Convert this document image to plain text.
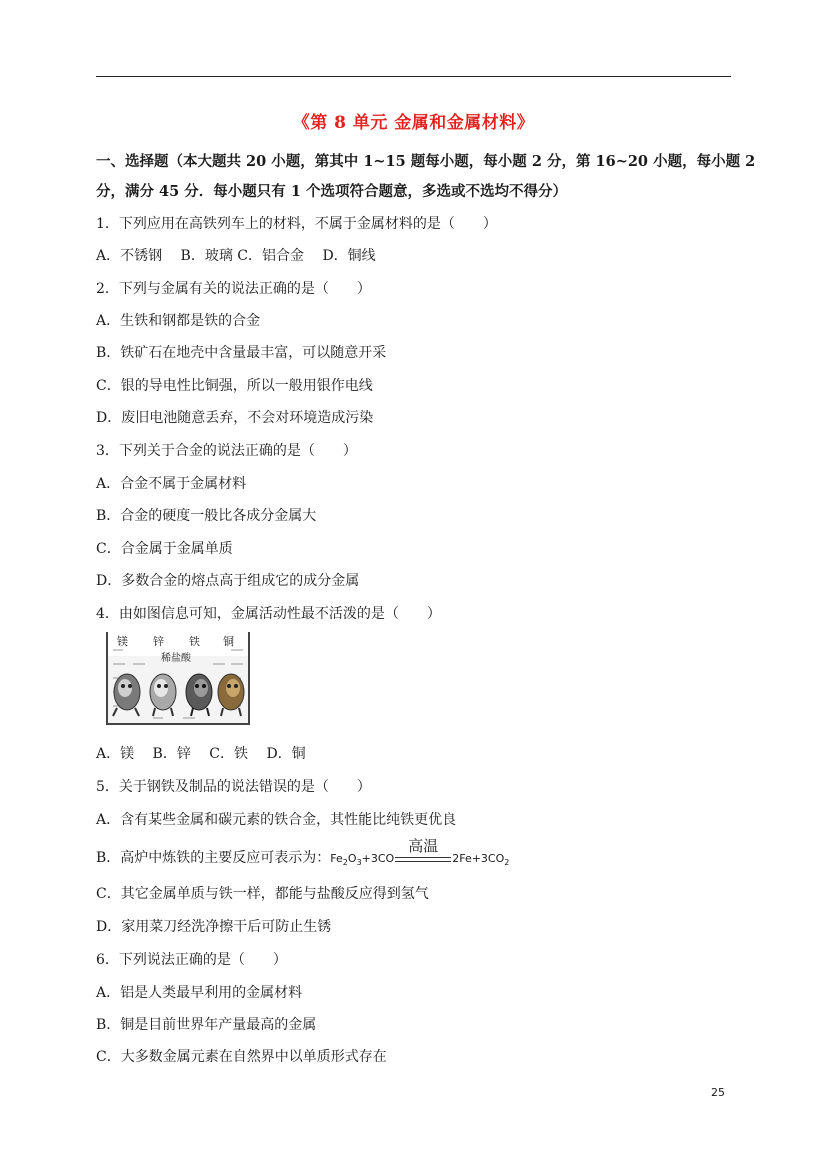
《第 8 单元 金属和金属材料》
一、选择题（本大题共 20 小题，第其中 1~15 题每小题，每小题 2 分，第 16~20 小题，每小题 2
分，满分 45 分．每小题只有 1 个选项符合题意，多选或不选均不得分）
1．下列应用在高铁列车上的材料，不属于金属材料的是（　　）
A．不锈钢　 B．玻璃 C．铝合金　 D．铜线
2．下列与金属有关的说法正确的是（　　）
A．生铁和钢都是铁的合金
B．铁矿石在地壳中含量最丰富，可以随意开采
C．银的导电性比铜强，所以一般用银作电线
D．废旧电池随意丢弃，不会对环境造成污染
3．下列关于合金的说法正确的是（　　）
A．合金不属于金属材料
B．合金的硬度一般比各成分金属大
C．合金属于金属单质
D．多数合金的熔点高于组成它的成分金属
4．由如图信息可知，金属活动性最不活泼的是（　　）
镁 锌 铁 铜
稀盐酸
A．镁　 B．锌　 C．铁　 D．铜
5．关于钢铁及制品的说法错误的是（　　）
A．含有某些金属和碳元素的铁合金，其性能比纯铁更优良
B．高炉中炼铁的主要反应可表示为：$Fe_2O_3+3CO$
高温
$2Fe+3CO_2$
C．其它金属单质与铁一样，都能与盐酸反应得到氢气
D．家用菜刀经洗净擦干后可防止生锈
6．下列说法正确的是（　　）
A．铝是人类最早利用的金属材料
B．铜是目前世界年产量最高的金属
C．大多数金属元素在自然界中以单质形式存在
25
